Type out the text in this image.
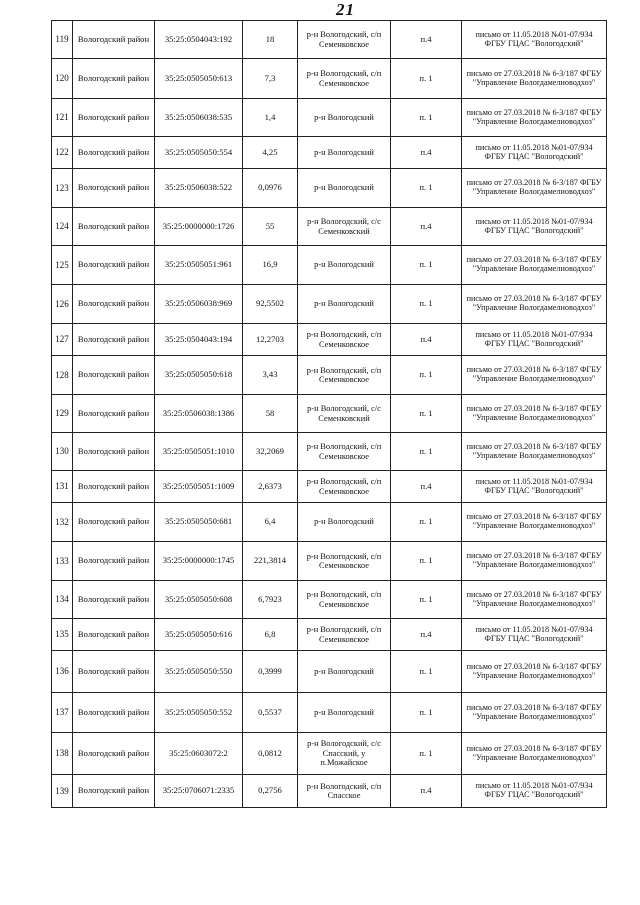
21
119	Вологодский район	35:25:0504043:192	18	р-н Вологодский, с/п Семенковское	п.4	письмо от 11.05.2018 №01-07/934 ФГБУ ГЦАС "Вологодский"
120	Вологодский район	35:25:0505050:613	7,3	р-н Вологодский, с/п Семенковское	п. 1	письмо от 27.03.2018 № 6-3/187 ФГБУ "Управление Вологдамелиоводхоз"
121	Вологодский район	35:25:0506038:535	1,4	р-н Вологодский	п. 1	письмо от 27.03.2018 № 6-3/187 ФГБУ "Управление Вологдамелиоводхоз"
122	Вологодский район	35:25:0505050:554	4,25	р-н Вологодский	п.4	письмо от 11.05.2018 №01-07/934 ФГБУ ГЦАС "Вологодский"
123	Вологодский район	35:25:0506038:522	0,0976	р-н Вологодский	п. 1	письмо от 27.03.2018 № 6-3/187 ФГБУ "Управление Вологдамелиоводхоз"
124	Вологодский район	35:25:0000000:1726	55	р-н Вологодский, с/с Семенковский	п.4	письмо от 11.05.2018 №01-07/934 ФГБУ ГЦАС "Вологодский"
125	Вологодский район	35:25:0505051:961	16,9	р-н Вологодский	п. 1	письмо от 27.03.2018 № 6-3/187 ФГБУ "Управление Вологдамелиоводхоз"
126	Вологодский район	35:25:0506038:969	92,5502	р-н Вологодский	п. 1	письмо от 27.03.2018 № 6-3/187 ФГБУ "Управление Вологдамелиоводхоз"
127	Вологодский район	35:25:0504043:194	12,2703	р-н Вологодский, с/п Семенковское	п.4	письмо от 11.05.2018 №01-07/934 ФГБУ ГЦАС "Вологодский"
128	Вологодский район	35:25:0505050:618	3,43	р-н Вологодский, с/п Семенковское	п. 1	письмо от 27.03.2018 № 6-3/187 ФГБУ "Управление Вологдамелиоводхоз"
129	Вологодский район	35:25:0506038:1386	58	р-н Вологодский, с/с Семенковский	п. 1	письмо от 27.03.2018 № 6-3/187 ФГБУ "Управление Вологдамелиоводхоз"
130	Вологодский район	35:25:0505051:1010	32,2069	р-н Вологодский, с/п Семенковское	п. 1	письмо от 27.03.2018 № 6-3/187 ФГБУ "Управление Вологдамелиоводхоз"
131	Вологодский район	35:25:0505051:1009	2,6373	р-н Вологодский, с/п Семенковское	п.4	письмо от 11.05.2018 №01-07/934 ФГБУ ГЦАС "Вологодский"
132	Вологодский район	35:25:0505050:681	6,4	р-н Вологодский	п. 1	письмо от 27.03.2018 № 6-3/187 ФГБУ "Управление Вологдамелиоводхоз"
133	Вологодский район	35:25:0000000:1745	221,3814	р-н Вологодский, с/п Семенковское	п. 1	письмо от 27.03.2018 № 6-3/187 ФГБУ "Управление Вологдамелиоводхоз"
134	Вологодский район	35:25:0505050:608	6,7923	р-н Вологодский, с/п Семенковское	п. 1	письмо от 27.03.2018 № 6-3/187 ФГБУ "Управление Вологдамелиоводхоз"
135	Вологодский район	35:25:0505050:616	6,8	р-н Вологодский, с/п Семенковское	п.4	письмо от 11.05.2018 №01-07/934 ФГБУ ГЦАС "Вологодский"
136	Вологодский район	35:25:0505050:550	0,3999	р-н Вологодский	п. 1	письмо от 27.03.2018 № 6-3/187 ФГБУ "Управление Вологдамелиоводхоз"
137	Вологодский район	35:25:0505050:552	0,5537	р-н Вологодский	п. 1	письмо от 27.03.2018 № 6-3/187 ФГБУ "Управление Вологдамелиоводхоз"
138	Вологодский район	35:25:0603072:2	0,0812	р-н Вологодский, с/с Спасский, у п.Можайское	п. 1	письмо от 27.03.2018 № 6-3/187 ФГБУ "Управление Вологдамелиоводхоз"
139	Вологодский район	35:25:0706071:2335	0,2756	р-н Вологодский, с/п Спасское	п.4	письмо от 11.05.2018 №01-07/934 ФГБУ ГЦАС "Вологодский"
